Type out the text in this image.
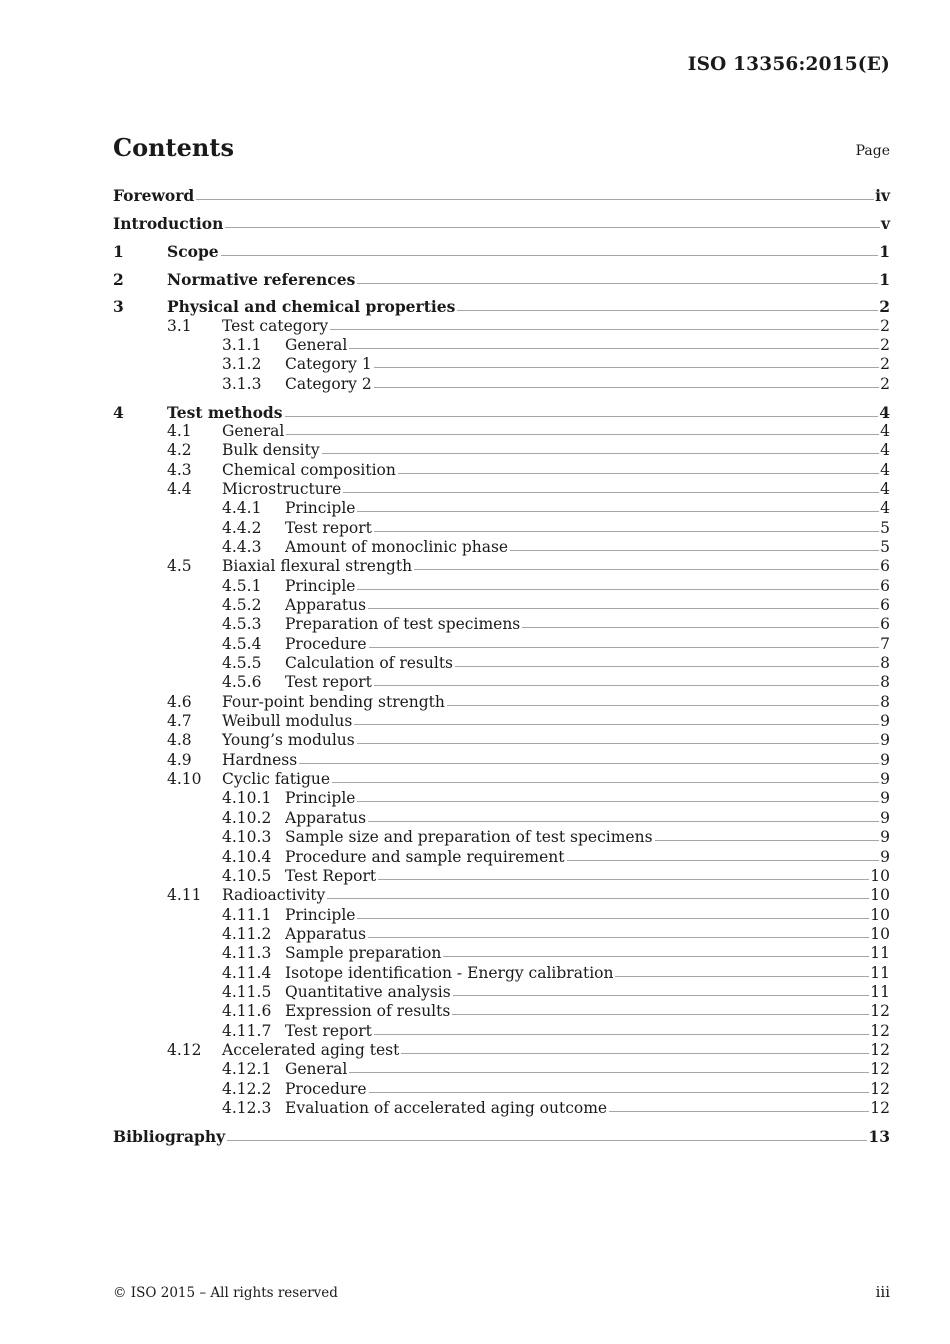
ISO 13356:2015(E)
Contents	Page
Foreword	iv
Introduction	v
1	Scope	1
2	Normative references	1
3	Physical and chemical properties	2
3.1	Test category	2
3.1.1	General	2
3.1.2	Category 1	2
3.1.3	Category 2	2
4	Test methods	4
4.1	General	4
4.2	Bulk density	4
4.3	Chemical composition	4
4.4	Microstructure	4
4.4.1	Principle	4
4.4.2	Test report	5
4.4.3	Amount of monoclinic phase	5
4.5	Biaxial flexural strength	6
4.5.1	Principle	6
4.5.2	Apparatus	6
4.5.3	Preparation of test specimens	6
4.5.4	Procedure	7
4.5.5	Calculation of results	8
4.5.6	Test report	8
4.6	Four-point bending strength	8
4.7	Weibull modulus	9
4.8	Young’s modulus	9
4.9	Hardness	9
4.10	Cyclic fatigue	9
4.10.1 Principle	9
4.10.2 Apparatus	9
4.10.3 Sample size and preparation of test specimens	9
4.10.4 Procedure and sample requirement	9
4.10.5 Test Report	10
4.11	Radioactivity	10
4.11.1 Principle	10
4.11.2 Apparatus	10
4.11.3 Sample preparation	11
4.11.4 Isotope identification - Energy calibration	11
4.11.5 Quantitative analysis	11
4.11.6 Expression of results	12
4.11.7 Test report	12
4.12	Accelerated aging test	12
4.12.1 General	12
4.12.2 Procedure	12
4.12.3 Evaluation of accelerated aging outcome	12
Bibliography	13
© ISO 2015 – All rights reserved	iii
